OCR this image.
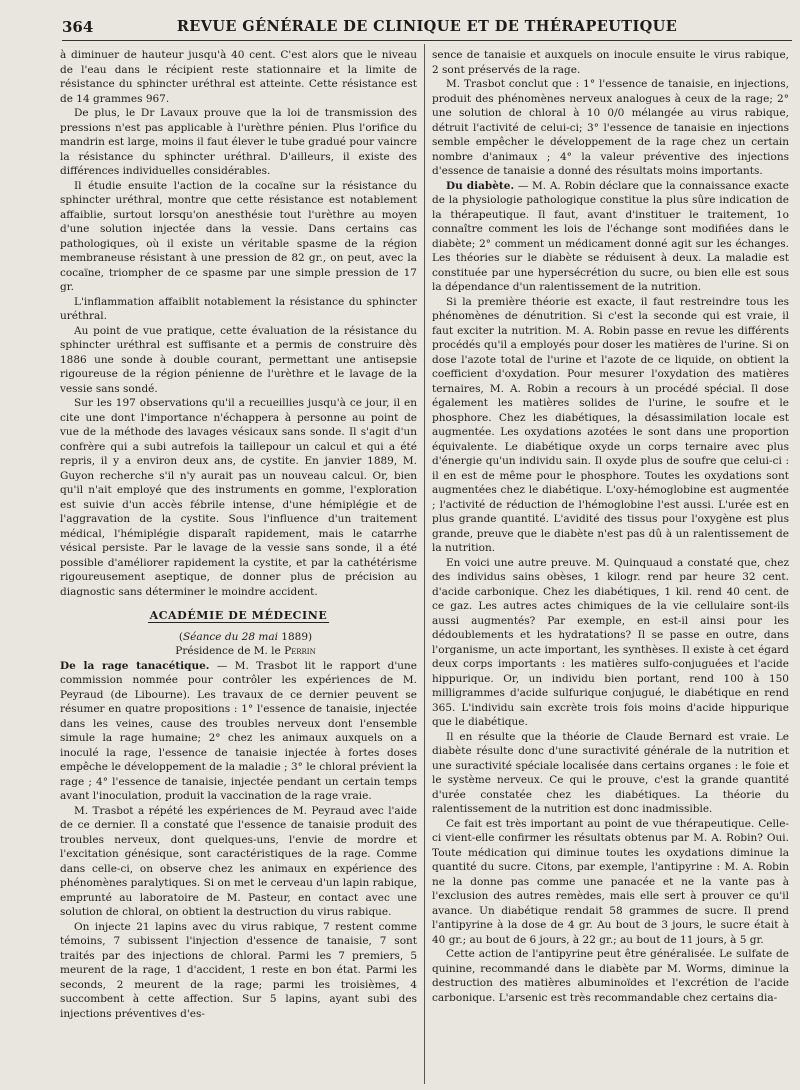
364	REVUE GÉNÉRALE DE CLINIQUE ET DE THÉRAPEUTIQUE

à diminuer de hauteur jusqu'à 40 cent. C'est alors que le niveau de l'eau dans le récipient reste stationnaire et la limite de résistance du sphincter uréthral est atteinte. Cette résistance est de 14 grammes 967.

De plus, le Dr Lavaux prouve que la loi de transmission des pressions n'est pas applicable à l'urèthre pénien. Plus l'orifice du mandrin est large, moins il faut élever le tube gradué pour vaincre la résistance du sphincter uréthral. D'ailleurs, il existe des différences individuelles considérables.

Il étudie ensuite l'action de la cocaïne sur la résistance du sphincter uréthral, montre que cette résistance est notablement affaiblie, surtout lorsqu'on anesthésie tout l'urèthre au moyen d'une solution injectée dans la vessie. Dans certains cas pathologiques, où il existe un véritable spasme de la région membraneuse résistant à une pression de 82 gr., on peut, avec la cocaïne, triompher de ce spasme par une simple pression de 17 gr.

L'inflammation affaiblit notablement la résistance du sphincter uréthral.

Au point de vue pratique, cette évaluation de la résistance du sphincter uréthral est suffisante et a permis de construire dès 1886 une sonde à double courant, permettant une antisepsie rigoureuse de la région pénienne de l'urèthre et le lavage de la vessie sans sondé.

Sur les 197 observations qu'il a recueillies jusqu'à ce jour, il en cite une dont l'importance n'échappera à personne au point de vue de la méthode des lavages vésicaux sans sonde. Il s'agit d'un confrère qui a subi autrefois la taillepour un calcul et qui a été repris, il y a environ deux ans, de cystite. En janvier 1889, M. Guyon recherche s'il n'y aurait pas un nouveau calcul. Or, bien qu'il n'ait employé que des instruments en gomme, l'exploration est suivie d'un accès fébrile intense, d'une hémiplégie et de l'aggravation de la cystite. Sous l'influence d'un traitement médical, l'hémiplégie disparaît rapidement, mais le catarrhe vésical persiste. Par le lavage de la vessie sans sonde, il a été possible d'améliorer rapidement la cystite, et par la cathétérisme rigoureusement aseptique, de donner plus de précision au diagnostic sans déterminer le moindre accident.

ACADÉMIE DE MÉDECINE

(Séance du 28 mai 1889)

Présidence de M. le Perrin

De la rage tanacétique. — M. Trasbot lit le rapport d'une commission nommée pour contrôler les expériences de M. Peyraud (de Libourne). Les travaux de ce dernier peuvent se résumer en quatre propositions : 1° l'essence de tanaisie, injectée dans les veines, cause des troubles nerveux dont l'ensemble simule la rage humaine; 2° chez les animaux auxquels on a inoculé la rage, l'essence de tanaisie injectée à fortes doses empêche le développement de la maladie ; 3° le chloral prévient la rage ; 4° l'essence de tanaisie, injectée pendant un certain temps avant l'inoculation, produit la vaccination de la rage vraie.

M. Trasbot a répété les expériences de M. Peyraud avec l'aide de ce dernier. Il a constaté que l'essence de tanaisie produit des troubles nerveux, dont quelques-uns, l'envie de mordre et l'excitation génésique, sont caractéristiques de la rage. Comme dans celle-ci, on observe chez les animaux en expérience des phénomènes paralytiques. Si on met le cerveau d'un lapin rabique, emprunté au laboratoire de M. Pasteur, en contact avec une solution de chloral, on obtient la destruction du virus rabique.

On injecte 21 lapins avec du virus rabique, 7 restent comme témoins, 7 subissent l'injection d'essence de tanaisie, 7 sont traités par des injections de chloral. Parmi les 7 premiers, 5 meurent de la rage, 1 d'accident, 1 reste en bon état. Parmi les seconds, 2 meurent de la rage; parmi les troisièmes, 4 succombent à cette affection. Sur 5 lapins, ayant subi des injections préventives d'es-

sence de tanaisie et auxquels on inocule ensuite le virus rabique, 2 sont préservés de la rage.

M. Trasbot conclut que : 1° l'essence de tanaisie, en injections, produit des phénomènes nerveux analogues à ceux de la rage; 2° une solution de chloral à 10 0/0 mélangée au virus rabique, détruit l'activité de celui-ci; 3° l'essence de tanaisie en injections semble empêcher le développement de la rage chez un certain nombre d'animaux ; 4° la valeur préventive des injections d'essence de tanaisie a donné des résultats moins importants.

Du diabète. — M. A. Robin déclare que la connaissance exacte de la physiologie pathologique constitue la plus sûre indication de la thérapeutique. Il faut, avant d'instituer le traitement, 1o connaître comment les lois de l'échange sont modifiées dans le diabète; 2° comment un médicament donné agit sur les échanges. Les théories sur le diabète se réduisent à deux. La maladie est constituée par une hypersécrétion du sucre, ou bien elle est sous la dépendance d'un ralentissement de la nutrition.

Si la première théorie est exacte, il faut restreindre tous les phénomènes de dénutrition. Si c'est la seconde qui est vraie, il faut exciter la nutrition. M. A. Robin passe en revue les différents procédés qu'il a employés pour doser les matières de l'urine. Si on dose l'azote total de l'urine et l'azote de ce liquide, on obtient la coefficient d'oxydation. Pour mesurer l'oxydation des matières ternaires, M. A. Robin a recours à un procédé spécial. Il dose également les matières solides de l'urine, le soufre et le phosphore. Chez les diabétiques, la désassimilation locale est augmentée. Les oxydations azotées le sont dans une proportion équivalente. Le diabétique oxyde un corps ternaire avec plus d'énergie qu'un individu sain. Il oxyde plus de soufre que celui-ci : il en est de même pour le phosphore. Toutes les oxydations sont augmentées chez le diabétique. L'oxy-hémoglobine est augmentée ; l'activité de réduction de l'hémoglobine l'est aussi. L'urée est en plus grande quantité. L'avidité des tissus pour l'oxygène est plus grande, preuve que le diabète n'est pas dû à un ralentissement de la nutrition.

En voici une autre preuve. M. Quinquaud a constaté que, chez des individus sains obèses, 1 kilogr. rend par heure 32 cent. d'acide carbonique. Chez les diabétiques, 1 kil. rend 40 cent. de ce gaz. Les autres actes chimiques de la vie cellulaire sont-ils aussi augmentés? Par exemple, en est-il ainsi pour les dédoublements et les hydratations? Il se passe en outre, dans l'organisme, un acte important, les synthèses. Il existe à cet égard deux corps importants : les matières sulfo-conjuguées et l'acide hippurique. Or, un individu bien portant, rend 100 à 150 milligrammes d'acide sulfurique conjugué, le diabétique en rend 365. L'individu sain excrète trois fois moins d'acide hippurique que le diabétique.

Il en résulte que la théorie de Claude Bernard est vraie. Le diabète résulte donc d'une suractivité générale de la nutrition et une suractivité spéciale localisée dans certains organes : le foie et le système nerveux. Ce qui le prouve, c'est la grande quantité d'urée constatée chez les diabétiques. La théorie du ralentissement de la nutrition est donc inadmissible.

Ce fait est très important au point de vue thérapeutique. Celle-ci vient-elle confirmer les résultats obtenus par M. A. Robin? Oui. Toute médication qui diminue toutes les oxydations diminue la quantité du sucre. Citons, par exemple, l'antipyrine : M. A. Robin ne la donne pas comme une panacée et ne la vante pas à l'exclusion des autres remèdes, mais elle sert à prouver ce qu'il avance. Un diabétique rendait 58 grammes de sucre. Il prend l'antipyrine à la dose de 4 gr. Au bout de 3 jours, le sucre était à 40 gr.; au bout de 6 jours, à 22 gr.; au bout de 11 jours, à 5 gr.

Cette action de l'antipyrine peut être généralisée. Le sulfate de quinine, recommandé dans le diabète par M. Worms, diminue la destruction des matières albuminoïdes et l'excrétion de l'acide carbonique. L'arsenic est très recommandable chez certains dia-
